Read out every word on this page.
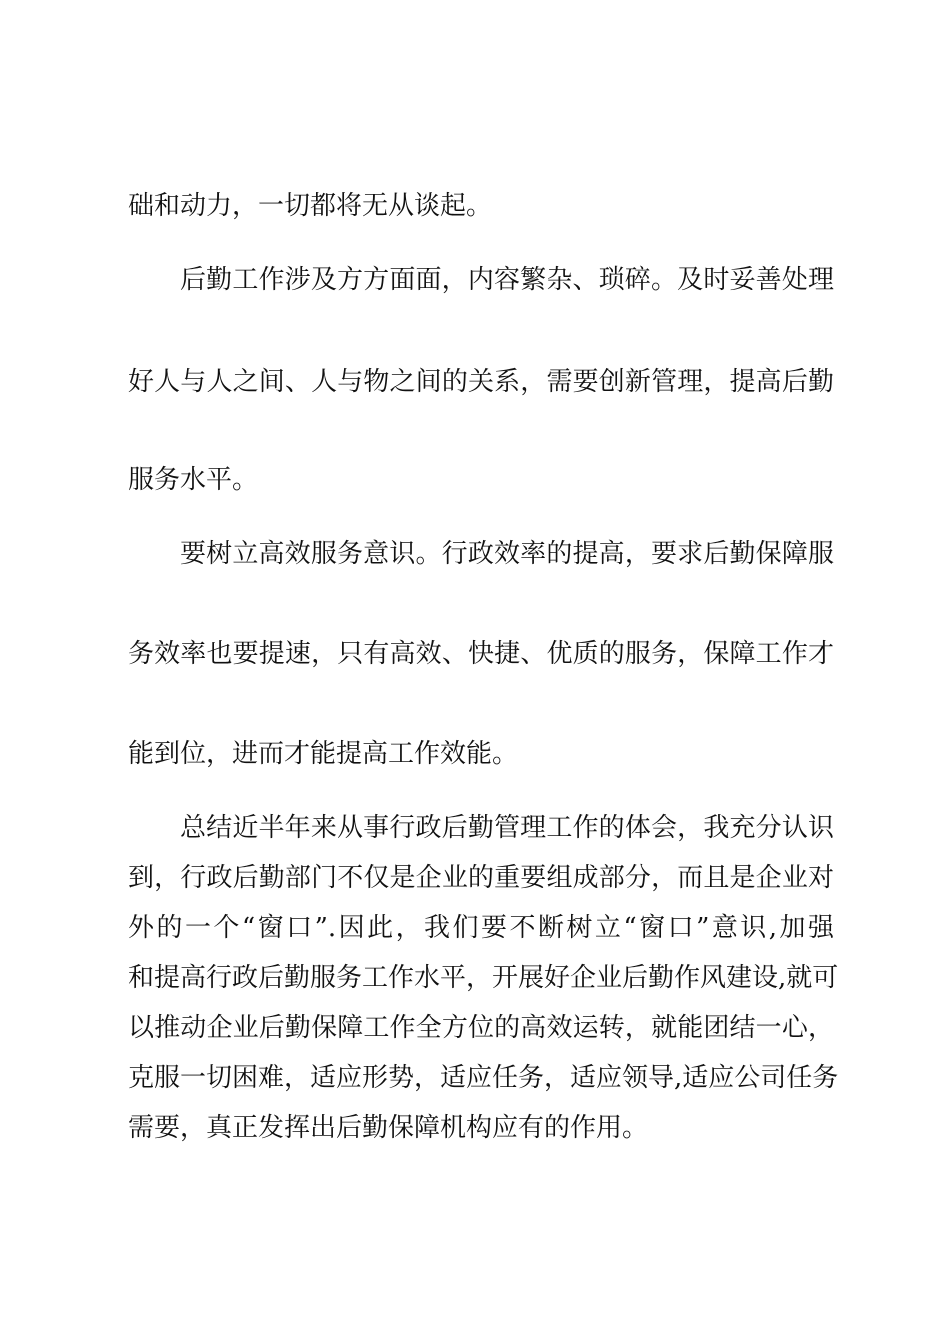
础和动力，一切都将无从谈起。
后勤工作涉及方方面面，内容繁杂、琐碎。及时妥善处理
好人与人之间、人与物之间的关系，需要创新管理，提高后勤
服务水平。
要树立高效服务意识。行政效率的提高，要求后勤保障服
务效率也要提速，只有高效、快捷、优质的服务，保障工作才
能到位，进而才能提高工作效能。
总结近半年来从事行政后勤管理工作的体会，我充分认识
到，行政后勤部门不仅是企业的重要组成部分，而且是企业对
外的一个“窗口”.因此，我们要不断树立“窗口”意识,加强
和提高行政后勤服务工作水平，开展好企业后勤作风建设,就可
以推动企业后勤保障工作全方位的高效运转，就能团结一心，
克服一切困难，适应形势，适应任务，适应领导,适应公司任务
需要，真正发挥出后勤保障机构应有的作用。
